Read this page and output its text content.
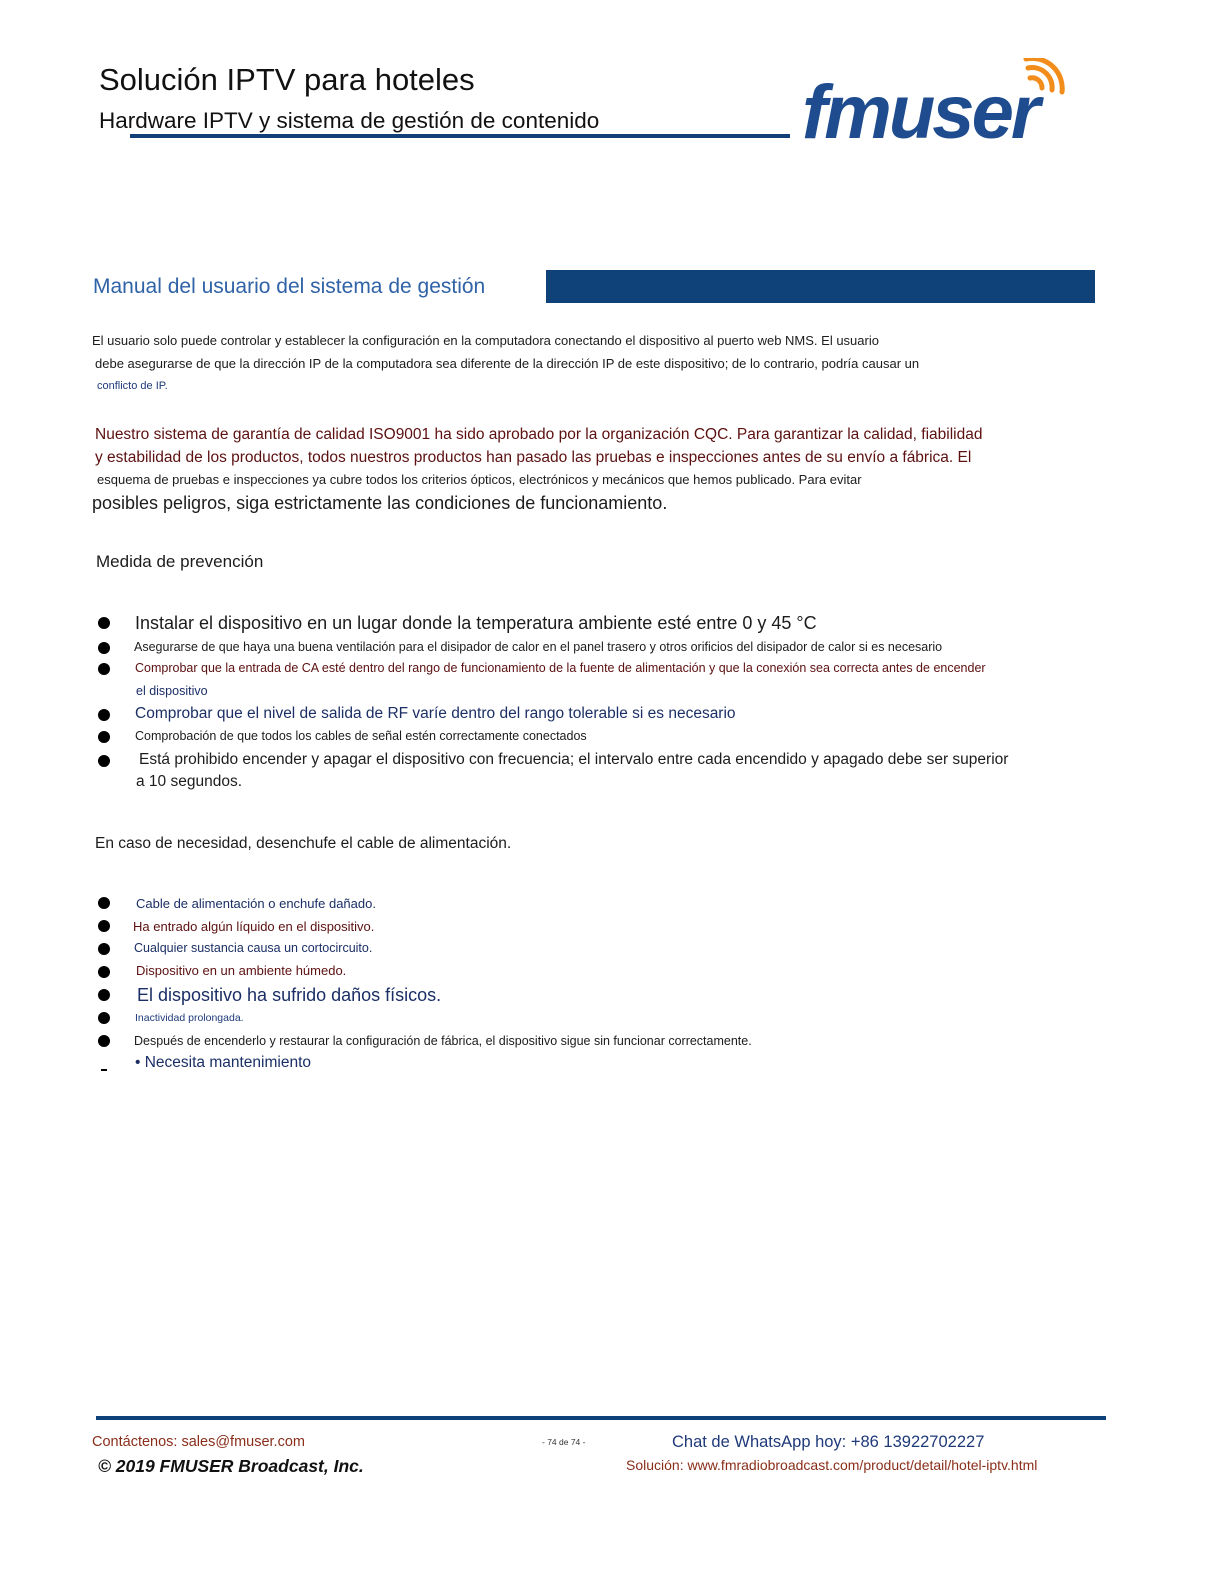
Solución IPTV para hoteles
Hardware IPTV y sistema de gestión de contenido	fmuser
Manual del usuario del sistema de gestión
El usuario solo puede controlar y establecer la configuración en la computadora conectando el dispositivo al puerto web NMS. El usuario
debe asegurarse de que la dirección IP de la computadora sea diferente de la dirección IP de este dispositivo; de lo contrario, podría causar un
conflicto de IP.
Nuestro sistema de garantía de calidad ISO9001 ha sido aprobado por la organización CQC. Para garantizar la calidad, fiabilidad
y estabilidad de los productos, todos nuestros productos han pasado las pruebas e inspecciones antes de su envío a fábrica. El
esquema de pruebas e inspecciones ya cubre todos los criterios ópticos, electrónicos y mecánicos que hemos publicado. Para evitar
posibles peligros, siga estrictamente las condiciones de funcionamiento.
Medida de prevención
Instalar el dispositivo en un lugar donde la temperatura ambiente esté entre 0 y 45 °C
Asegurarse de que haya una buena ventilación para el disipador de calor en el panel trasero y otros orificios del disipador de calor si es necesario
Comprobar que la entrada de CA esté dentro del rango de funcionamiento de la fuente de alimentación y que la conexión sea correcta antes de encender
el dispositivo
Comprobar que el nivel de salida de RF varíe dentro del rango tolerable si es necesario
Comprobación de que todos los cables de señal estén correctamente conectados
Está prohibido encender y apagar el dispositivo con frecuencia; el intervalo entre cada encendido y apagado debe ser superior
a 10 segundos.
En caso de necesidad, desenchufe el cable de alimentación.
Cable de alimentación o enchufe dañado.
Ha entrado algún líquido en el dispositivo.
Cualquier sustancia causa un cortocircuito.
Dispositivo en un ambiente húmedo.
El dispositivo ha sufrido daños físicos.
Inactividad prolongada.
Después de encenderlo y restaurar la configuración de fábrica, el dispositivo sigue sin funcionar correctamente.
• Necesita mantenimiento
Contáctenos: sales@fmuser.com
© 2019 FMUSER Broadcast, Inc.
- 74 de 74 -	Chat de WhatsApp hoy: +86 13922702227
Solución: www.fmradiobroadcast.com/product/detail/hotel-iptv.html
